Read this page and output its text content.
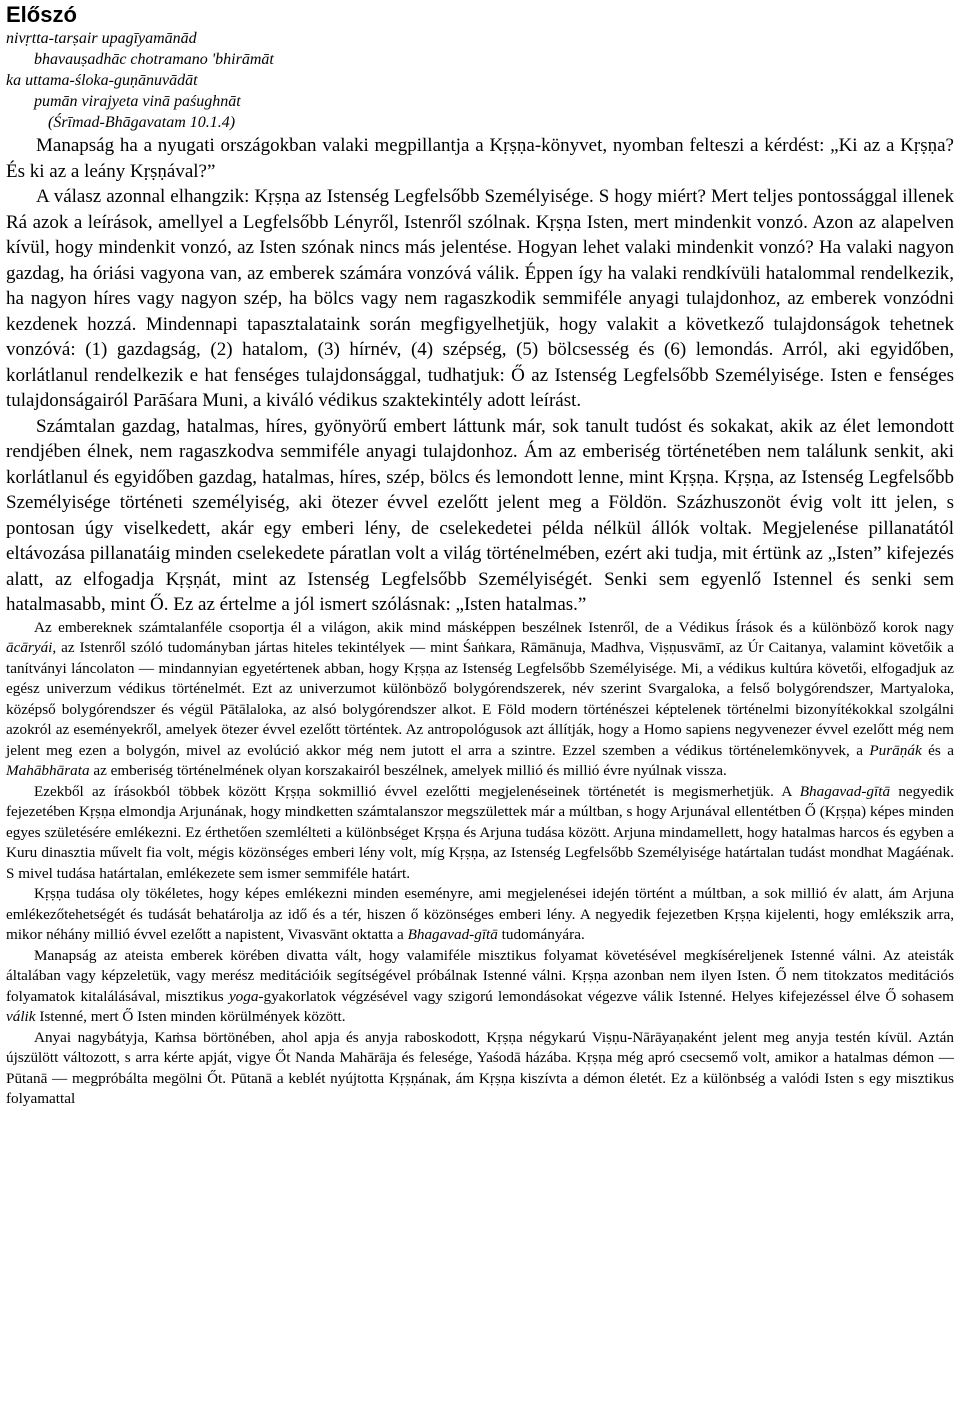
Előszó
nivṛtta-tarṣair upagīyamānād
bhavauṣadhāc chotramano 'bhirāmāt
ka uttama-śloka-guṇānuvādāt
pumān virajyeta vinā paśughnāt
(Śrīmad-Bhāgavatam 10.1.4)

Manapság ha a nyugati országokban valaki megpillantja a Kṛṣṇa-könyvet, nyomban felteszi a kérdést: „Ki az a Kṛṣṇa? És ki az a leány Kṛṣṇával?”

A válasz azonnal elhangzik: Kṛṣṇa az Istenség Legfelsőbb Személyisége. S hogy miért? Mert teljes pontossággal illenek Rá azok a leírások, amellyel a Legfelsőbb Lényről, Istenről szólnak. Kṛṣṇa Isten, mert mindenkit vonzó. Azon az alapelven kívül, hogy mindenkit vonzó, az Isten szónak nincs más jelentése. Hogyan lehet valaki mindenkit vonzó? Ha valaki nagyon gazdag, ha óriási vagyona van, az emberek számára vonzóvá válik. Éppen így ha valaki rendkívüli hatalommal rendelkezik, ha nagyon híres vagy nagyon szép, ha bölcs vagy nem ragaszkodik semmiféle anyagi tulajdonhoz, az emberek vonzódni kezdenek hozzá. Mindennapi tapasztalataink során megfigyelhetjük, hogy valakit a következő tulajdonságok tehetnek vonzóvá: (1) gazdagság, (2) hatalom, (3) hírnév, (4) szépség, (5) bölcsesség és (6) lemondás. Arról, aki egyidőben, korlátlanul rendelkezik e hat fenséges tulajdonsággal, tudhatjuk: Ő az Istenség Legfelsőbb Személyisége. Isten e fenséges tulajdonságairól Parāśara Muni, a kiváló védikus szaktekintély adott leírást.

Számtalan gazdag, hatalmas, híres, gyönyörű embert láttunk már, sok tanult tudóst és sokakat, akik az élet lemondott rendjében élnek, nem ragaszkodva semmiféle anyagi tulajdonhoz. Ám az emberiség történetében nem találunk senkit, aki korlátlanul és egyidőben gazdag, hatalmas, híres, szép, bölcs és lemondott lenne, mint Kṛṣṇa. Kṛṣṇa, az Istenség Legfelsőbb Személyisége történeti személyiség, aki ötezer évvel ezelőtt jelent meg a Földön. Százhuszonöt évig volt itt jelen, s pontosan úgy viselkedett, akár egy emberi lény, de cselekedetei példa nélkül állók voltak. Megjelenése pillanatától eltávozása pillanatáig minden cselekedete páratlan volt a világ történelmében, ezért aki tudja, mit értünk az „Isten” kifejezés alatt, az elfogadja Kṛṣṇát, mint az Istenség Legfelsőbb Személyiségét. Senki sem egyenlő Istennel és senki sem hatalmasabb, mint Ő. Ez az értelme a jól ismert szólásnak: „Isten hatalmas.”

Az embereknek számtalanféle csoportja él a világon, akik mind másképpen beszélnek Istenről, de a Védikus Írások és a különböző korok nagy ācāryái, az Istenről szóló tudományban jártas hiteles tekintélyek — mint Śaṅkara, Rāmānuja, Madhva, Viṣṇusvāmī, az Úr Caitanya, valamint követőik a tanítványi láncolaton — mindannyian egyetértenek abban, hogy Kṛṣṇa az Istenség Legfelsőbb Személyisége. Mi, a védikus kultúra követői, elfogadjuk az egész univerzum védikus történelmét. Ezt az univerzumot különböző bolygórendszerek, név szerint Svargaloka, a felső bolygórendszer, Martyaloka, középső bolygórendszer és végül Pātālaloka, az alsó bolygórendszer alkot. E Föld modern történészei képtelenek történelmi bizonyítékokkal szolgálni azokról az eseményekről, amelyek ötezer évvel ezelőtt történtek. Az antropológusok azt állítják, hogy a Homo sapiens negyvenezer évvel ezelőtt még nem jelent meg ezen a bolygón, mivel az evolúció akkor még nem jutott el arra a szintre. Ezzel szemben a védikus történelemkönyvek, a Purāṇák és a Mahābhārata az emberiség történelmének olyan korszakairól beszélnek, amelyek millió és millió évre nyúlnak vissza.

Ezekből az írásokból többek között Kṛṣṇa sokmillió évvel ezelőtti megjelenéseinek történetét is megismerhetjük. A Bhagavad-gītā negyedik fejezetében Kṛṣṇa elmondja Arjunának, hogy mindketten számtalanszor megszülettek már a múltban, s hogy Arjunával ellentétben Ő (Kṛṣṇa) képes minden egyes születésére emlékezni. Ez érthetően szemlélteti a különbséget Kṛṣṇa és Arjuna tudása között. Arjuna mindamellett, hogy hatalmas harcos és egyben a Kuru dinasztia művelt fia volt, mégis közönséges emberi lény volt, míg Kṛṣṇa, az Istenség Legfelsőbb Személyisége határtalan tudást mondhat Magáénak. S mivel tudása határtalan, emlékezete sem ismer semmiféle határt.

Kṛṣṇa tudása oly tökéletes, hogy képes emlékezni minden eseményre, ami megjelenései idején történt a múltban, a sok millió év alatt, ám Arjuna emlékezőtehetségét és tudását behatárolja az idő és a tér, hiszen ő közönséges emberi lény. A negyedik fejezetben Kṛṣṇa kijelenti, hogy emlékszik arra, mikor néhány millió évvel ezelőtt a napistent, Vivasvānt oktatta a Bhagavad-gītā tudományára.

Manapság az ateista emberek körében divatta vált, hogy valamiféle misztikus folyamat követésével megkíséreljenek Istenné válni. Az ateisták általában vagy képzeletük, vagy merész meditációik segítségével próbálnak Istenné válni. Kṛṣṇa azonban nem ilyen Isten. Ő nem titokzatos meditációs folyamatok kitalálásával, misztikus yoga-gyakorlatok végzésével vagy szigorú lemondásokat végezve válik Istenné. Helyes kifejezéssel élve Ő sohasem válik Istenné, mert Ő Isten minden körülmények között.

Anyai nagybátyja, Kaṁsa börtönében, ahol apja és anyja raboskodott, Kṛṣṇa négykarú Viṣṇu-Nārāyaṇaként jelent meg anyja testén kívül. Aztán újszülött változott, s arra kérte apját, vigye Őt Nanda Mahārāja és felesége, Yaśodā házába. Kṛṣṇa még apró csecsemő volt, amikor a hatalmas démon — Pūtanā — megpróbálta megölni Őt. Pūtanā a keblét nyújtotta Kṛṣṇának, ám Kṛṣṇa kiszívta a démon életét. Ez a különbség a valódi Isten s egy misztikus folyamattal
